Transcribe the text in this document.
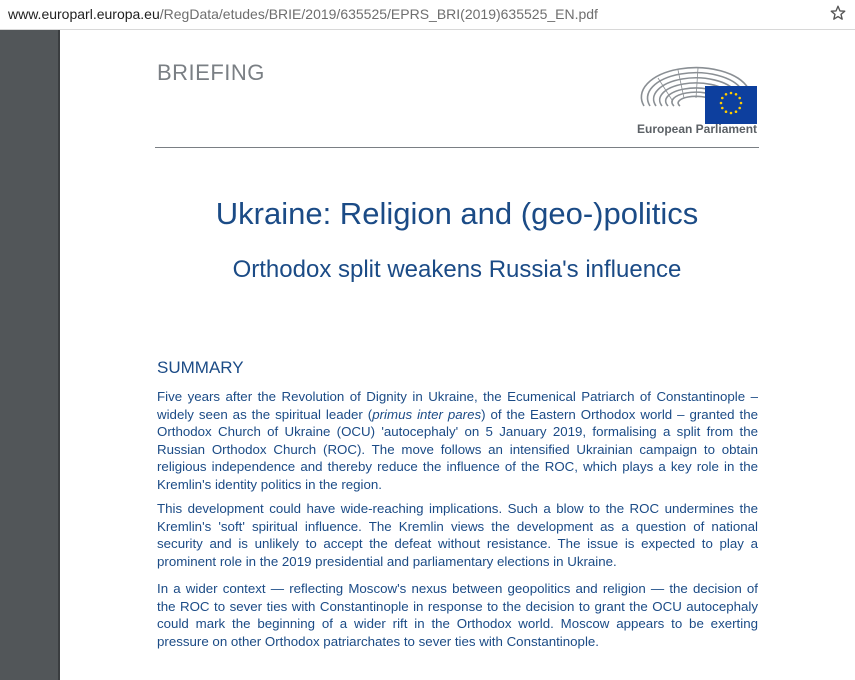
www.europarl.europa.eu/RegData/etudes/BRIE/2019/635525/EPRS_BRI(2019)635525_EN.pdf
BRIEFING
European Parliament
Ukraine: Religion and (geo-)politics
Orthodox split weakens Russia's influence
SUMMARY

Five years after the Revolution of Dignity in Ukraine, the Ecumenical Patriarch of Constantinople – widely seen as the spiritual leader (primus inter pares) of the Eastern Orthodox world – granted the Orthodox Church of Ukraine (OCU) 'autocephaly' on 5 January 2019, formalising a split from the Russian Orthodox Church (ROC). The move follows an intensified Ukrainian campaign to obtain religious independence and thereby reduce the influence of the ROC, which plays a key role in the Kremlin's identity politics in the region.

This development could have wide-reaching implications. Such a blow to the ROC undermines the Kremlin's 'soft' spiritual influence. The Kremlin views the development as a question of national security and is unlikely to accept the defeat without resistance. The issue is expected to play a prominent role in the 2019 presidential and parliamentary elections in Ukraine.

In a wider context — reflecting Moscow's nexus between geopolitics and religion — the decision of the ROC to sever ties with Constantinople in response to the decision to grant the OCU autocephaly could mark the beginning of a wider rift in the Orthodox world. Moscow appears to be exerting pressure on other Orthodox patriarchates to sever ties with Constantinople.
